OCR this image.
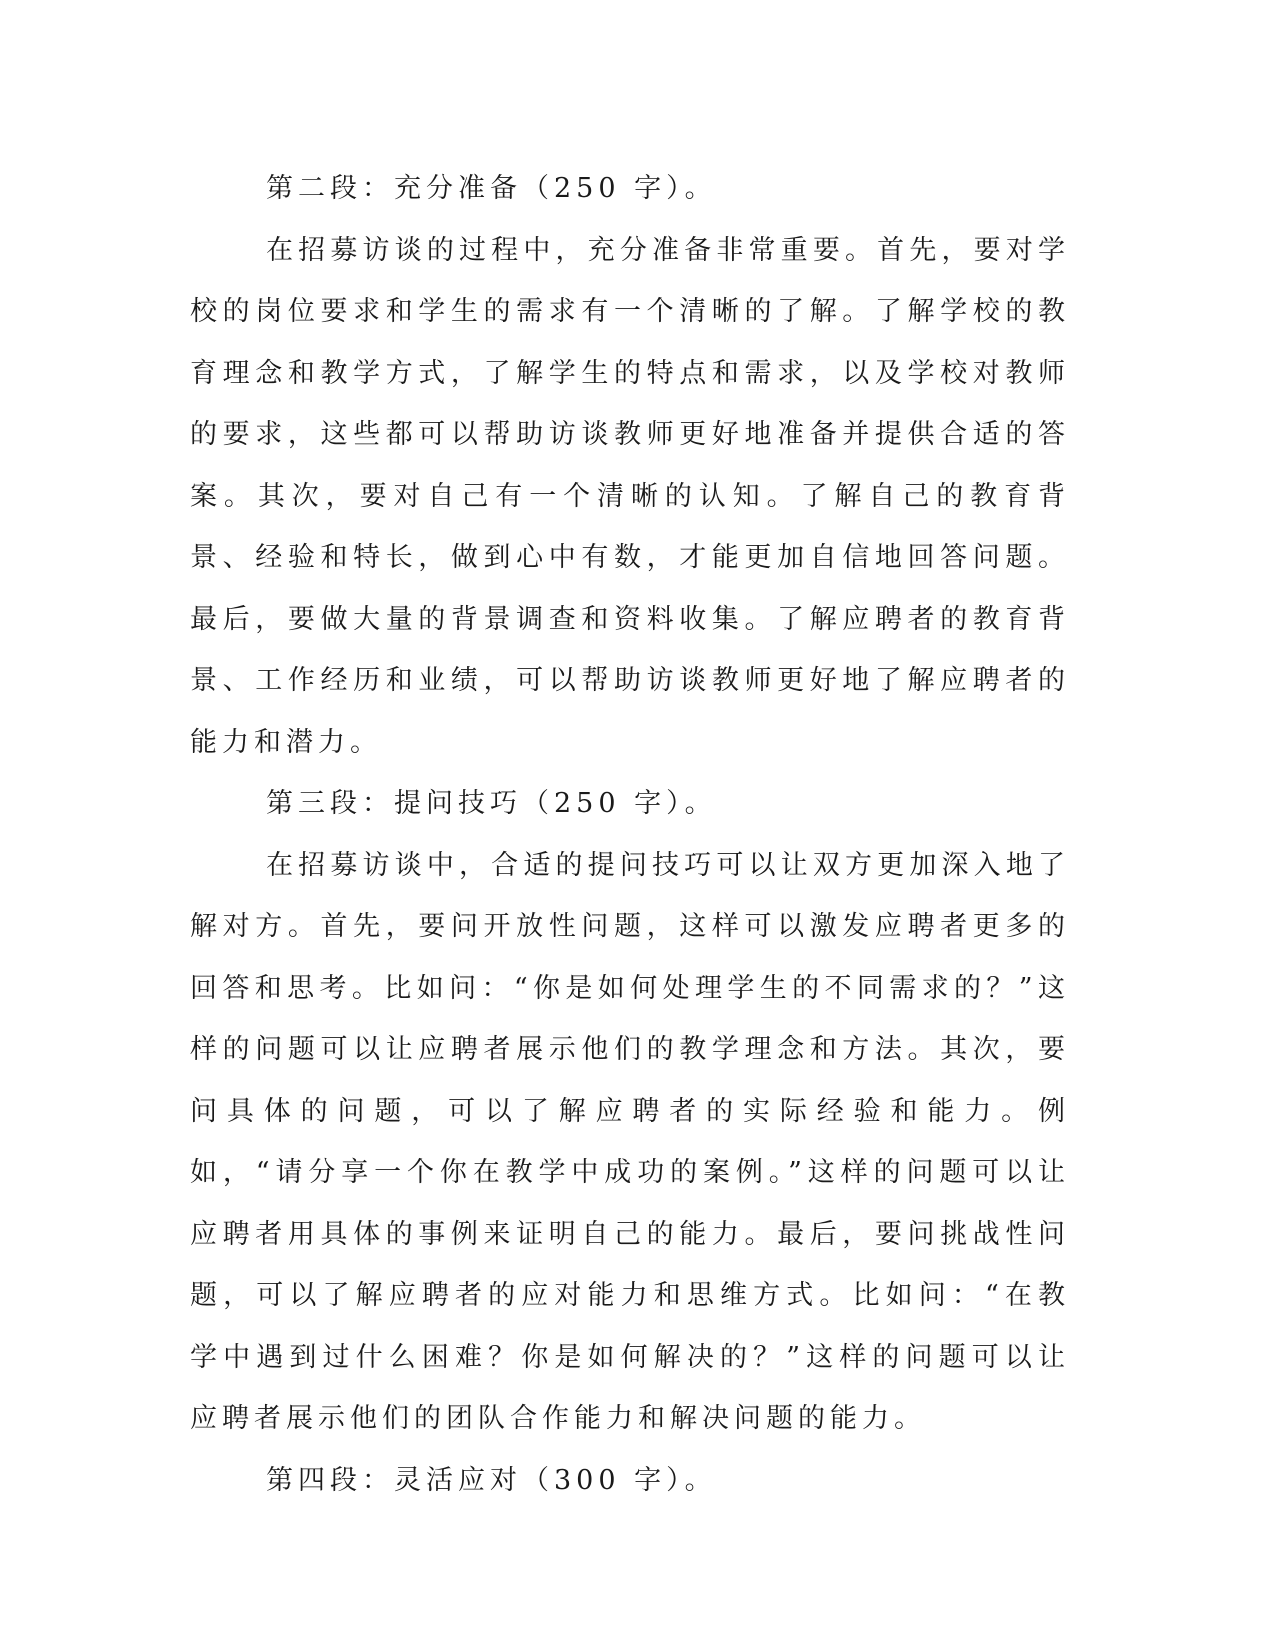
第二段：充分准备（250 字）。

在招募访谈的过程中，充分准备非常重要。首先，要对学校的岗位要求和学生的需求有一个清晰的了解。了解学校的教育理念和教学方式，了解学生的特点和需求，以及学校对教师的要求，这些都可以帮助访谈教师更好地准备并提供合适的答案。其次，要对自己有一个清晰的认知。了解自己的教育背景、经验和特长，做到心中有数，才能更加自信地回答问题。最后，要做大量的背景调查和资料收集。了解应聘者的教育背景、工作经历和业绩，可以帮助访谈教师更好地了解应聘者的能力和潜力。

第三段：提问技巧（250 字）。

在招募访谈中，合适的提问技巧可以让双方更加深入地了解对方。首先，要问开放性问题，这样可以激发应聘者更多的回答和思考。比如问：“你是如何处理学生的不同需求的？”这样的问题可以让应聘者展示他们的教学理念和方法。其次，要问具体的问题，可以了解应聘者的实际经验和能力。例如，“请分享一个你在教学中成功的案例。”这样的问题可以让应聘者用具体的事例来证明自己的能力。最后，要问挑战性问题，可以了解应聘者的应对能力和思维方式。比如问：“在教学中遇到过什么困难？你是如何解决的？”这样的问题可以让应聘者展示他们的团队合作能力和解决问题的能力。

第四段：灵活应对（300 字）。
